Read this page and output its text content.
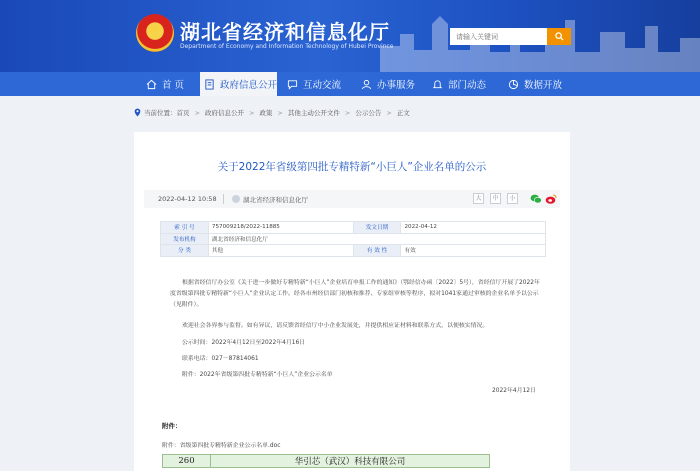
★ 湖北省经济和信息化厅
Department of Economy and Information Technology of Hubei Province
请输入关键词
首 页	政府信息公开	互动交流	办事服务	部门动态	数据开放
当前位置： 首页 > 政府信息公开 > 政策 > 其他主动公开文件 > 公示公告 > 正文
关于2022年省级第四批专精特新“小巨人”企业名单的公示
2022-04-12 10:58	湖北省经济和信息化厅	大	中	小
索 引 号	757009218/2022-11885	发文日期	2022-04-12
发布机构	湖北省经济和信息化厅		
分 类	其他	有 效 性	有效
根据省经信厅办公室《关于进一步做好专精特新“小巨人”企业培育申报工作的通知》（鄂经信办函〔2022〕5号），省经信厅开展了2022年度省级第四批专精特新“小巨人”企业认定工作。经各市州经信部门初核和推荐、专家组审核等程序，拟对1041家通过审核的企业名单予以公示（见附件）。
欢迎社会各界参与监督。如有异议，请反馈省经信厅中小企业发展处，并提供相应证材料和联系方式，以便核实情况。
公示时间：2022年4月12日至2022年4月16日
联系电话：027－87814061
附件：2022年省级第四批专精特新“小巨人”企业公示名单
2022年4月12日
附件：
附件：省级第四批专精特新企业公示名单.doc
260	华引芯（武汉）科技有限公司
